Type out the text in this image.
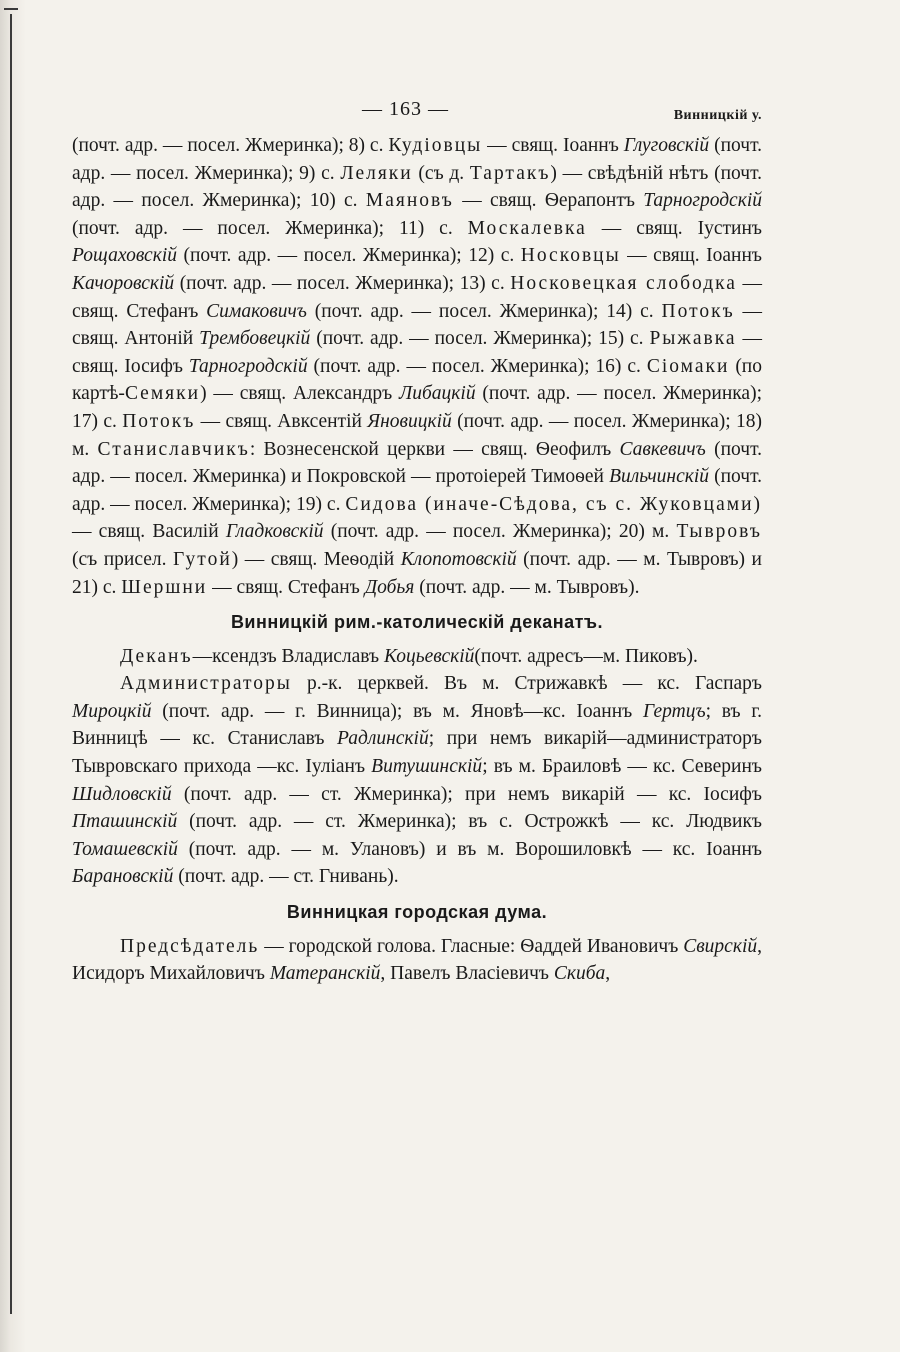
— 163 —	Винницкій у.

(почт. адр. — посел. Жмеринка); 8) с. Кудіовцы — свящ. Іоаннъ Глуговскій (почт. адр. — посел. Жмеринка); 9) с. Леляки (съ д. Тартакъ) — свѣдѣній нѣтъ (почт. адр. — посел. Жмеринка); 10) с. Маяновъ — свящ. Ѳерапонтъ Тарногродскій (почт. адр. — посел. Жмеринка); 11) с. Москалевка — свящ. Іустинъ Рощаховскій (почт. адр. — посел. Жмеринка); 12) с. Носковцы — свящ. Іоаннъ Качоровскій (почт. адр. — посел. Жмеринка); 13) с. Носковецкая слободка — свящ. Стефанъ Симаковичъ (почт. адр. — посел. Жмеринка); 14) с. Потокъ — свящ. Антоній Трембовецкій (почт. адр. — посел. Жмеринка); 15) с. Рыжавка — свящ. Іосифъ Тарногродскій (почт. адр. — посел. Жмеринка); 16) с. Сіомаки (по картѣ-Семяки) — свящ. Александръ Либацкій (почт. адр. — посел. Жмеринка); 17) с. Потокъ — свящ. Авксентій Яновицкій (почт. адр. — посел. Жмеринка); 18) м. Станиславчикъ: Вознесенской церкви — свящ. Ѳеофилъ Савкевичъ (почт. адр. — посел. Жмеринка) и Покровской — протоіерей Тимоѳей Вильчинскій (почт. адр. — посел. Жмеринка); 19) с. Сидова (иначе-Сѣдова, съ с. Жуковцами) — свящ. Василій Гладковскій (почт. адр. — посел. Жмеринка); 20) м. Тывровъ (съ присел. Гутой) — свящ. Меѳодій Клопотовскій (почт. адр. — м. Тывровъ) и 21) с. Шершни — свящ. Стефанъ Добья (почт. адр. — м. Тывровъ).

Винницкій рим.-католическій деканатъ.

Деканъ—ксендзъ Владиславъ Коцьевскій(почт. адресъ—м. Пиковъ).

Администраторы р.-к. церквей. Въ м. Стрижавкѣ — кс. Гаспаръ Мироцкій (почт. адр. — г. Винница); въ м. Яновѣ—кс. Іоаннъ Гертцъ; въ г. Винницѣ — кс. Станиславъ Радлинскій; при немъ викарій—администраторъ Тывровскаго прихода —кс. Іуліанъ Витушинскій; въ м. Браиловѣ — кс. Северинъ Шидловскій (почт. адр. — ст. Жмеринка); при немъ викарій — кс. Іосифъ Пташинскій (почт. адр. — ст. Жмеринка); въ с. Острожкѣ — кс. Людвикъ Томашевскій (почт. адр. — м. Улановъ) и въ м. Ворошиловкѣ — кс. Іоаннъ Барановскій (почт. адр. — ст. Гнивань).

Винницкая городская дума.

Предсѣдатель — городской голова. Гласные: Ѳаддей Ивановичъ Свирскій, Исидоръ Михайловичъ Матеранскій, Павелъ Власіевичъ Скиба,
